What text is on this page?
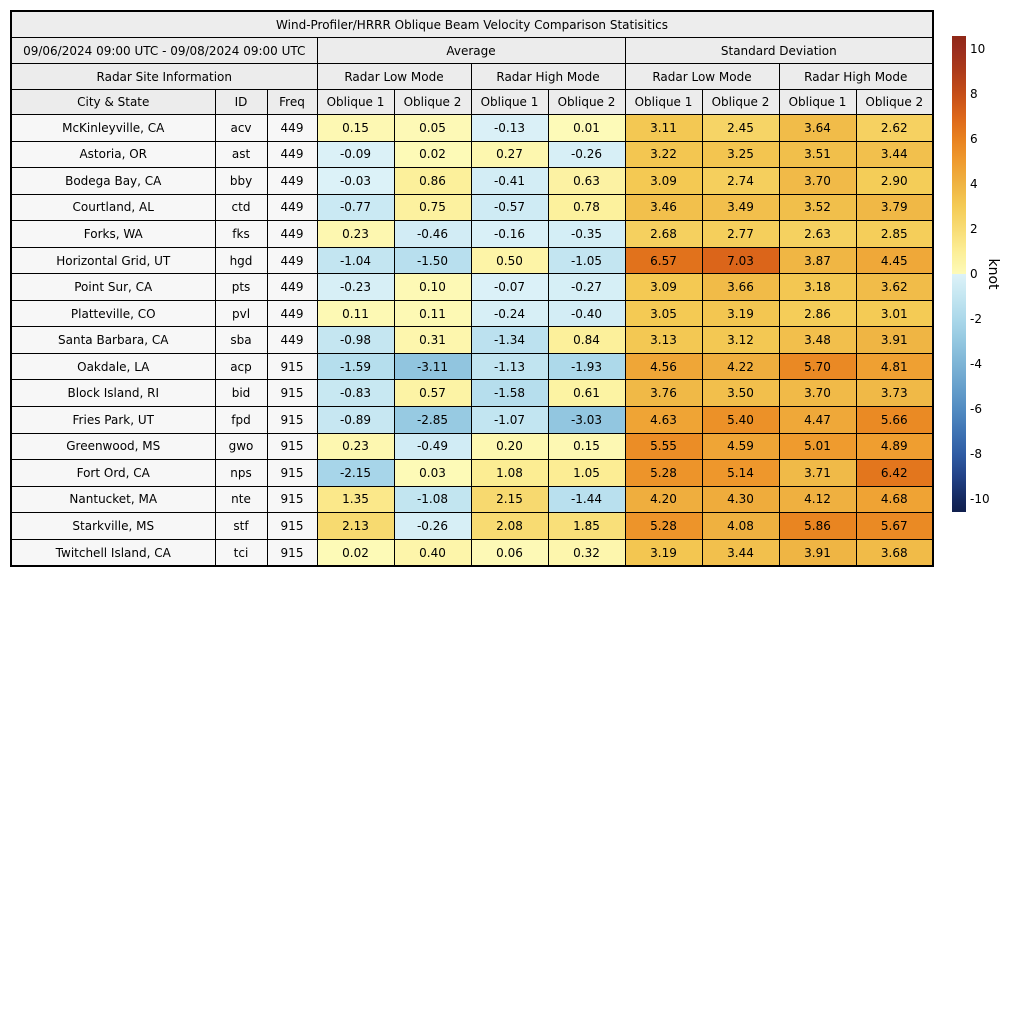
Wind-Profiler/HRRR Oblique Beam Velocity Comparison Statisitics										
09/06/2024 09:00 UTC - 09/08/2024 09:00 UTC			Average				Standard Deviation			
Radar Site Information			Radar Low Mode		Radar High Mode		Radar Low Mode		Radar High Mode	
City & State	ID	Freq	Oblique 1	Oblique 2	Oblique 1	Oblique 2	Oblique 1	Oblique 2	Oblique 1	Oblique 2
McKinleyville, CA	acv	449	0.15	0.05	-0.13	0.01	3.11	2.45	3.64	2.62
Astoria, OR	ast	449	-0.09	0.02	0.27	-0.26	3.22	3.25	3.51	3.44
Bodega Bay, CA	bby	449	-0.03	0.86	-0.41	0.63	3.09	2.74	3.70	2.90
Courtland, AL	ctd	449	-0.77	0.75	-0.57	0.78	3.46	3.49	3.52	3.79
Forks, WA	fks	449	0.23	-0.46	-0.16	-0.35	2.68	2.77	2.63	2.85
Horizontal Grid, UT	hgd	449	-1.04	-1.50	0.50	-1.05	6.57	7.03	3.87	4.45
Point Sur, CA	pts	449	-0.23	0.10	-0.07	-0.27	3.09	3.66	3.18	3.62
Platteville, CO	pvl	449	0.11	0.11	-0.24	-0.40	3.05	3.19	2.86	3.01
Santa Barbara, CA	sba	449	-0.98	0.31	-1.34	0.84	3.13	3.12	3.48	3.91
Oakdale, LA	acp	915	-1.59	-3.11	-1.13	-1.93	4.56	4.22	5.70	4.81
Block Island, RI	bid	915	-0.83	0.57	-1.58	0.61	3.76	3.50	3.70	3.73
Fries Park, UT	fpd	915	-0.89	-2.85	-1.07	-3.03	4.63	5.40	4.47	5.66
Greenwood, MS	gwo	915	0.23	-0.49	0.20	0.15	5.55	4.59	5.01	4.89
Fort Ord, CA	nps	915	-2.15	0.03	1.08	1.05	5.28	5.14	3.71	6.42
Nantucket, MA	nte	915	1.35	-1.08	2.15	-1.44	4.20	4.30	4.12	4.68
Starkville, MS	stf	915	2.13	-0.26	2.08	1.85	5.28	4.08	5.86	5.67
Twitchell Island, CA	tci	915	0.02	0.40	0.06	0.32	3.19	3.44	3.91	3.68
10
8
6
4
2
0
-2
-4
-6
-8
-10
knot
